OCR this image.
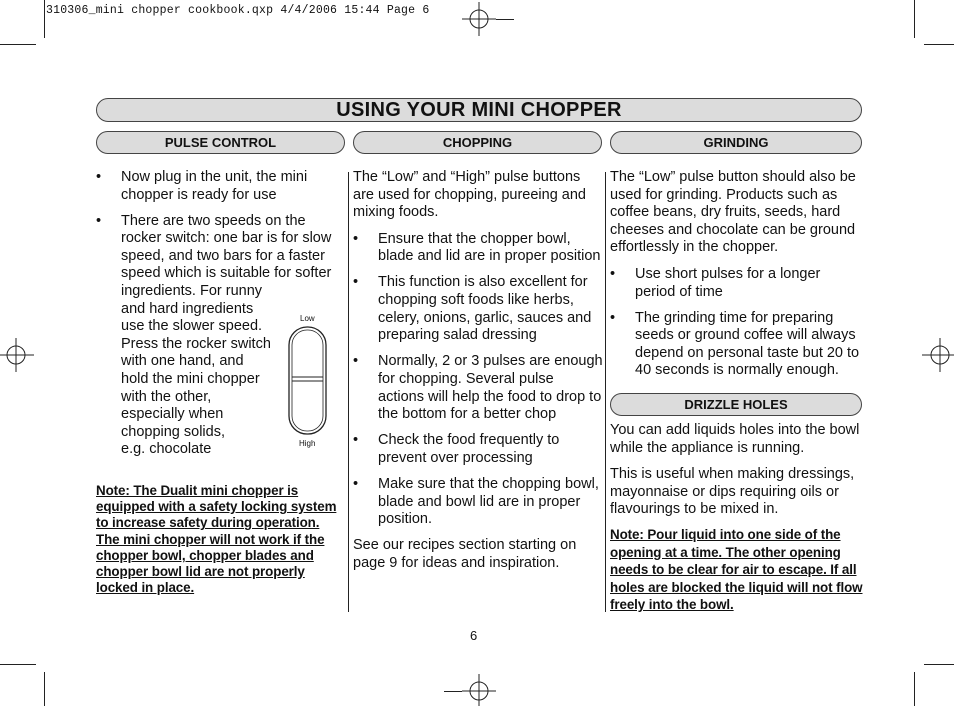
310306_mini chopper cookbook.qxp 4/4/2006 15:44 Page 6
USING YOUR MINI CHOPPER
PULSE CONTROL	CHOPPING	GRINDING
• Now plug in the unit, the mini chopper is ready for use
• There are two speeds on the rocker switch: one bar is for slow speed, and two bars for a faster speed which is suitable for softer ingredients. For runny
and hard ingredients
use the slower speed.
Press the rocker switch
with one hand, and
hold the mini chopper
with the other,
especially when
chopping solids,
e.g. chocolate
Low
High
Note: The Dualit mini chopper is equipped with a safety locking system to increase safety during operation. The mini chopper will not work if the chopper bowl, chopper blades and chopper bowl lid are not properly locked in place.

The “Low” and “High” pulse buttons are used for chopping, pureeing and mixing foods.

• Ensure that the chopper bowl, blade and lid are in proper position
• This function is also excellent for chopping soft foods like herbs, celery, onions, garlic, sauces and preparing salad dressing
• Normally, 2 or 3 pulses are enough for chopping. Several pulse actions will help the food to drop to the bottom for a better chop
• Check the food frequently to prevent over processing
• Make sure that the chopping bowl, blade and bowl lid are in proper position.

See our recipes section starting on page 9 for ideas and inspiration.

The “Low” pulse button should also be used for grinding. Products such as coffee beans, dry fruits, seeds, hard cheeses and chocolate can be ground effortlessly in the chopper.

• Use short pulses for a longer period of time
• The grinding time for preparing seeds or ground coffee will always depend on personal taste but 20 to 40 seconds is normally enough.
DRIZZLE HOLES

You can add liquids holes into the bowl while the appliance is running.

This is useful when making dressings, mayonnaise or dips requiring oils or flavourings to be mixed in.

Note: Pour liquid into one side of the opening at a time. The other opening needs to be clear for air to escape. If all holes are blocked the liquid will not flow freely into the bowl.
6
